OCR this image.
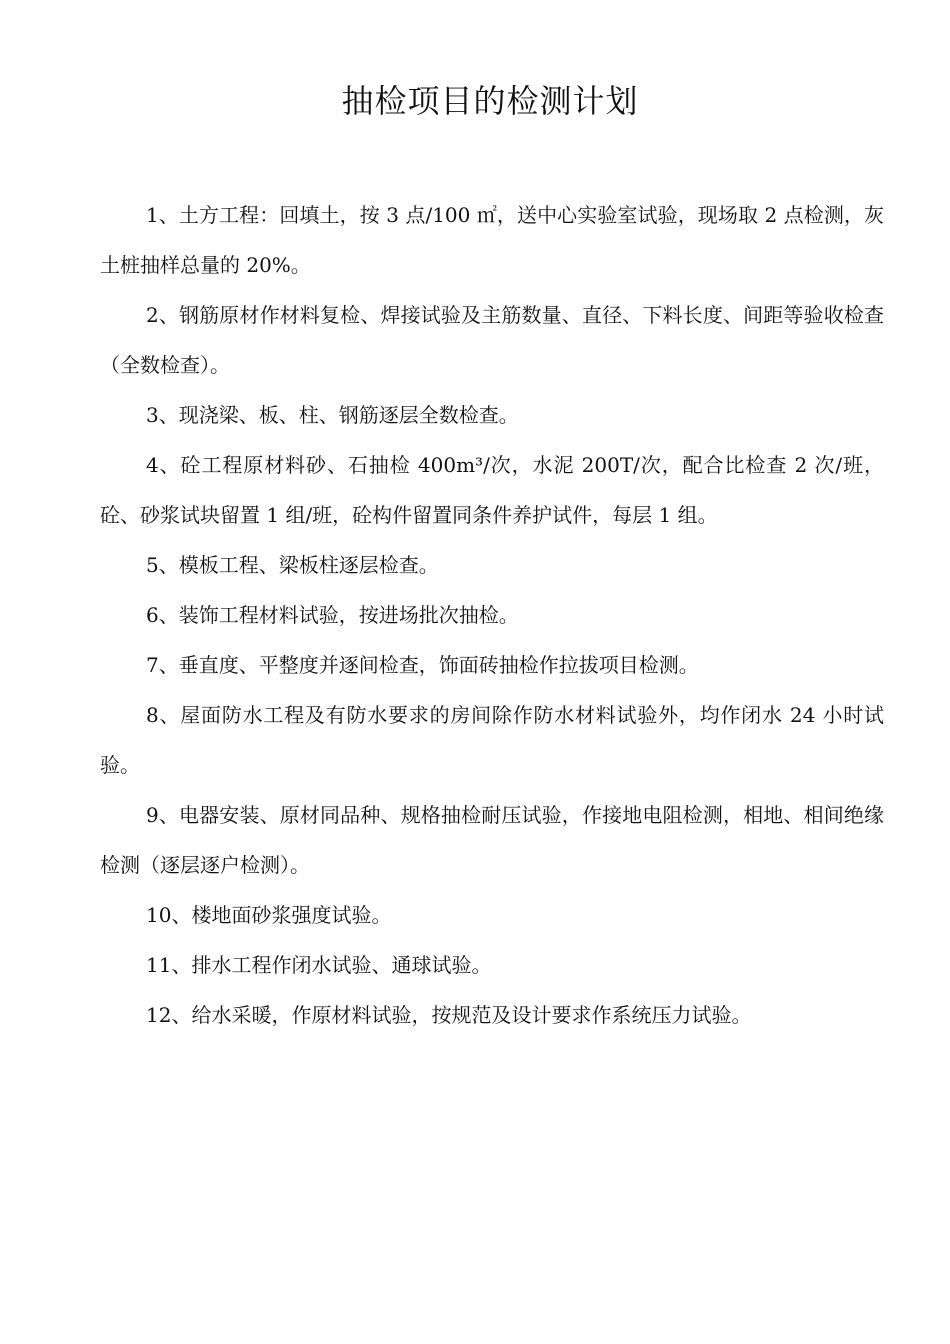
抽检项目的检测计划
1、土方工程：回填土，按 3 点/100 ㎡，送中心实验室试验，现场取 2 点检测，灰土桩抽样总量的 20%。
2、钢筋原材作材料复检、焊接试验及主筋数量、直径、下料长度、间距等验收检查（全数检查）。
3、现浇梁、板、柱、钢筋逐层全数检查。
4、砼工程原材料砂、石抽检 400m³/次，水泥 200T/次，配合比检查 2 次/班，砼、砂浆试块留置 1 组/班，砼构件留置同条件养护试件，每层 1 组。
5、模板工程、梁板柱逐层检查。
6、装饰工程材料试验，按进场批次抽检。
7、垂直度、平整度并逐间检查，饰面砖抽检作拉拔项目检测。
8、屋面防水工程及有防水要求的房间除作防水材料试验外，均作闭水 24 小时试验。
9、电器安装、原材同品种、规格抽检耐压试验，作接地电阻检测，相地、相间绝缘检测（逐层逐户检测）。
10、楼地面砂浆强度试验。
11、排水工程作闭水试验、通球试验。
12、给水采暖，作原材料试验，按规范及设计要求作系统压力试验。
